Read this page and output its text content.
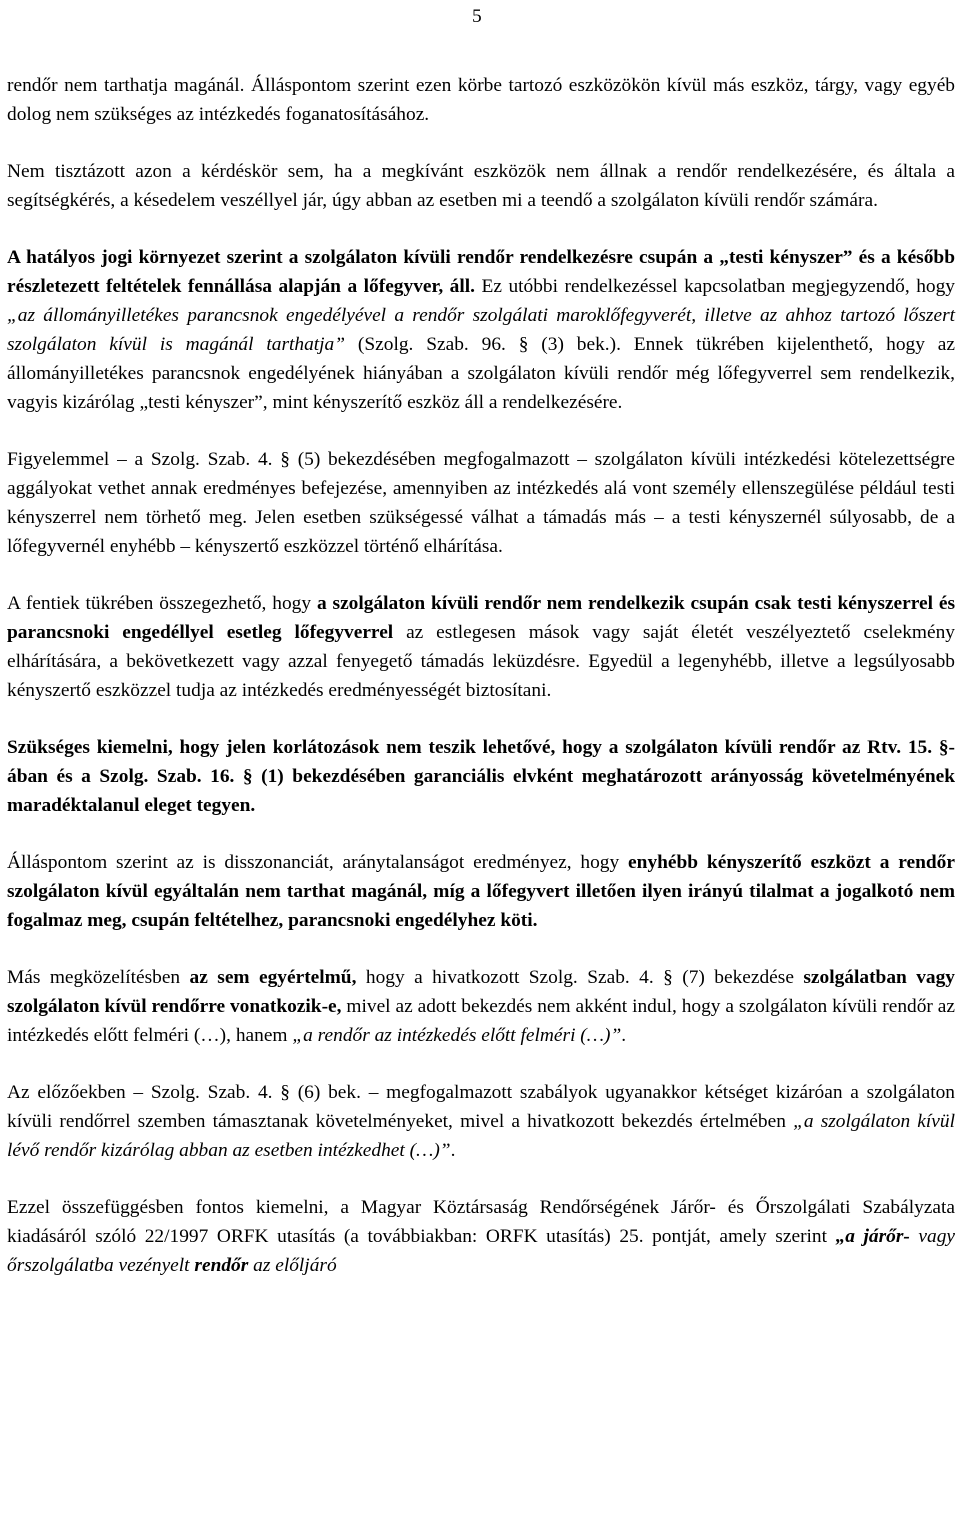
5

rendőr nem tarthatja magánál. Álláspontom szerint ezen körbe tartozó eszközökön kívül más eszköz, tárgy, vagy egyéb dolog nem szükséges az intézkedés foganatosításához.

Nem tisztázott azon a kérdéskör sem, ha a megkívánt eszközök nem állnak a rendőr rendelkezésére, és általa a segítségkérés, a késedelem veszéllyel jár, úgy abban az esetben mi a teendő a szolgálaton kívüli rendőr számára.

A hatályos jogi környezet szerint a szolgálaton kívüli rendőr rendelkezésre csupán a „testi kényszer” és a később részletezett feltételek fennállása alapján a lőfegyver, áll. Ez utóbbi rendelkezéssel kapcsolatban megjegyzendő, hogy „az állományilletékes parancsnok engedélyével a rendőr szolgálati maroklőfegyverét, illetve az ahhoz tartozó lőszert szolgálaton kívül is magánál tarthatja” (Szolg. Szab. 96. § (3) bek.). Ennek tükrében kijelenthető, hogy az állományilletékes parancsnok engedélyének hiányában a szolgálaton kívüli rendőr még lőfegyverrel sem rendelkezik, vagyis kizárólag „testi kényszer”, mint kényszerítő eszköz áll a rendelkezésére.

Figyelemmel – a Szolg. Szab. 4. § (5) bekezdésében megfogalmazott – szolgálaton kívüli intézkedési kötelezettségre aggályokat vethet annak eredményes befejezése, amennyiben az intézkedés alá vont személy ellenszegülése például testi kényszerrel nem törhető meg. Jelen esetben szükségessé válhat a támadás más – a testi kényszernél súlyosabb, de a lőfegyvernél enyhébb – kényszertő eszközzel történő elhárítása.

A fentiek tükrében összegezhető, hogy a szolgálaton kívüli rendőr nem rendelkezik csupán csak testi kényszerrel és parancsnoki engedéllyel esetleg lőfegyverrel az estlegesen mások vagy saját életét veszélyeztető cselekmény elhárítására, a bekövetkezett vagy azzal fenyegető támadás leküzdésre. Egyedül a legenyhébb, illetve a legsúlyosabb kényszertő eszközzel tudja az intézkedés eredményességét biztosítani.

Szükséges kiemelni, hogy jelen korlátozások nem teszik lehetővé, hogy a szolgálaton kívüli rendőr az Rtv. 15. §-ában és a Szolg. Szab. 16. § (1) bekezdésében garanciális elvként meghatározott arányosság követelményének maradéktalanul eleget tegyen.

Álláspontom szerint az is disszonanciát, aránytalanságot eredményez, hogy enyhébb kényszerítő eszközt a rendőr szolgálaton kívül egyáltalán nem tarthat magánál, míg a lőfegyvert illetően ilyen irányú tilalmat a jogalkotó nem fogalmaz meg, csupán feltételhez, parancsnoki engedélyhez köti.

Más megközelítésben az sem egyértelmű, hogy a hivatkozott Szolg. Szab. 4. § (7) bekezdése szolgálatban vagy szolgálaton kívül rendőrre vonatkozik-e, mivel az adott bekezdés nem akként indul, hogy a szolgálaton kívüli rendőr az intézkedés előtt felméri (…), hanem „a rendőr az intézkedés előtt felméri (…)”.

Az előzőekben – Szolg. Szab. 4. § (6) bek. – megfogalmazott szabályok ugyanakkor kétséget kizáróan a szolgálaton kívüli rendőrrel szemben támasztanak követelményeket, mivel a hivatkozott bekezdés értelmében „a szolgálaton kívül lévő rendőr kizárólag abban az esetben intézkedhet (…)”.

Ezzel összefüggésben fontos kiemelni, a Magyar Köztársaság Rendőrségének Járőr- és Őrszolgálati Szabályzata kiadásáról szóló 22/1997 ORFK utasítás (a továbbiakban: ORFK utasítás) 25. pontját, amely szerint „a járőr- vagy őrszolgálatba vezényelt rendőr az előljáró
